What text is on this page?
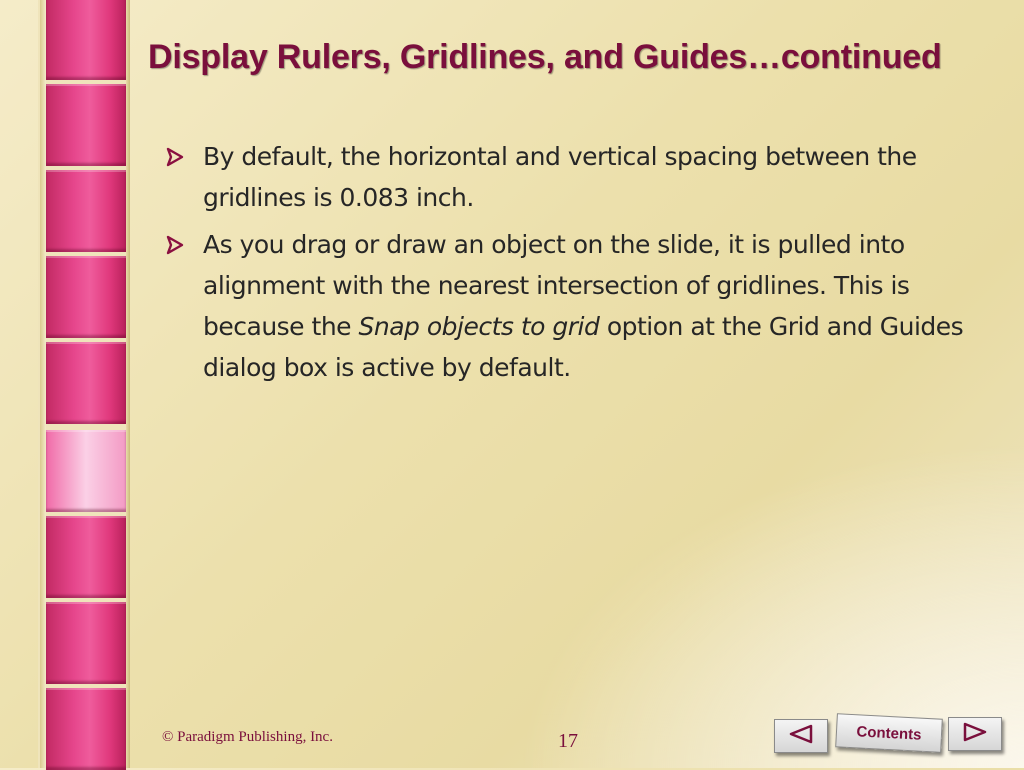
Display Rulers, Gridlines, and Guides…continued
By default, the horizontal and vertical spacing between the gridlines is 0.083 inch.
As you drag or draw an object on the slide, it is pulled into alignment with the nearest intersection of gridlines. This is because the Snap objects to grid option at the Grid and Guides dialog box is active by default.
© Paradigm Publishing, Inc.	17	Contents
